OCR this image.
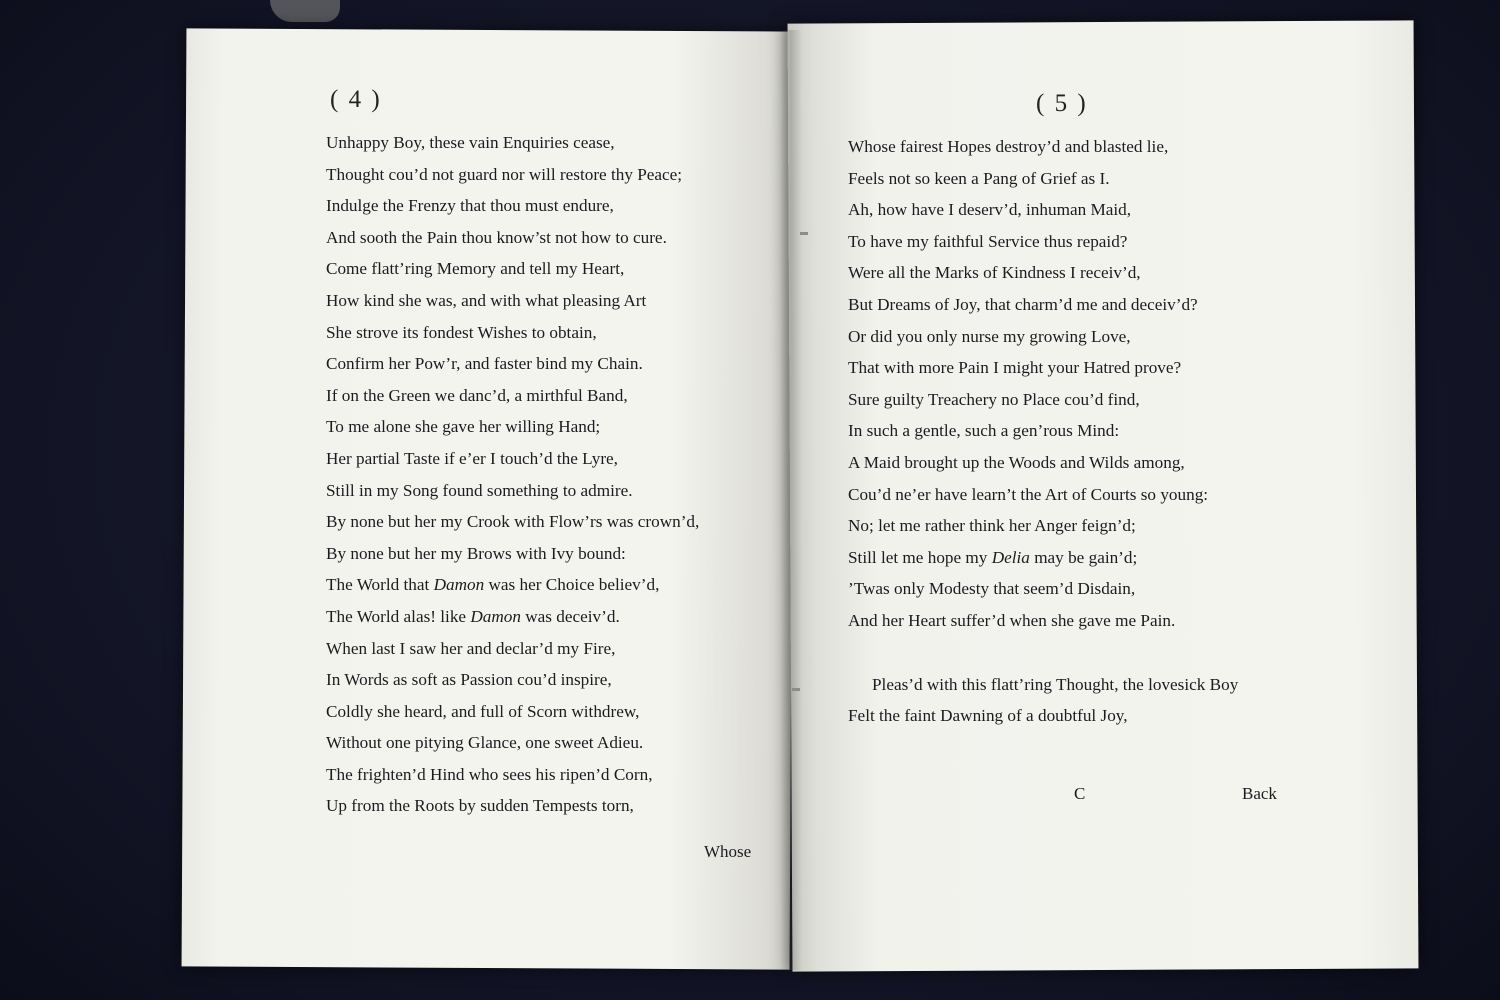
( 4 )	( 5 )
Unhappy Boy, these vain Enquiries cease,
Thought cou’d not guard nor will restore thy Peace;
Indulge the Frenzy that thou must endure,
And sooth the Pain thou know’st not how to cure.
Come flatt’ring Memory and tell my Heart,
How kind she was, and with what pleasing Art
She strove its fondest Wishes to obtain,
Confirm her Pow’r, and faster bind my Chain.
If on the Green we danc’d, a mirthful Band,
To me alone she gave her willing Hand;
Her partial Taste if e’er I touch’d the Lyre,
Still in my Song found something to admire.
By none but her my Crook with Flow’rs was crown’d,
By none but her my Brows with Ivy bound:
The World that Damon was her Choice believ’d,
The World alas! like Damon was deceiv’d.
When last I saw her and declar’d my Fire,
In Words as soft as Passion cou’d inspire,
Coldly she heard, and full of Scorn withdrew,
Without one pitying Glance, one sweet Adieu.
The frighten’d Hind who sees his ripen’d Corn,
Up from the Roots by sudden Tempests torn,
Whose fairest Hopes destroy’d and blasted lie,
Feels not so keen a Pang of Grief as I.
Ah, how have I deserv’d, inhuman Maid,
To have my faithful Service thus repaid?
Were all the Marks of Kindness I receiv’d,
But Dreams of Joy, that charm’d me and deceiv’d?
Or did you only nurse my growing Love,
That with more Pain I might your Hatred prove?
Sure guilty Treachery no Place cou’d find,
In such a gentle, such a gen’rous Mind:
A Maid brought up the Woods and Wilds among,
Cou’d ne’er have learn’t the Art of Courts so young:
No; let me rather think her Anger feign’d;
Still let me hope my Delia may be gain’d;
’Twas only Modesty that seem’d Disdain,
And her Heart suffer’d when she gave me Pain.
Pleas’d with this flatt’ring Thought, the lovesick Boy
Felt the faint Dawning of a doubtful Joy,
Whose
C	Back
